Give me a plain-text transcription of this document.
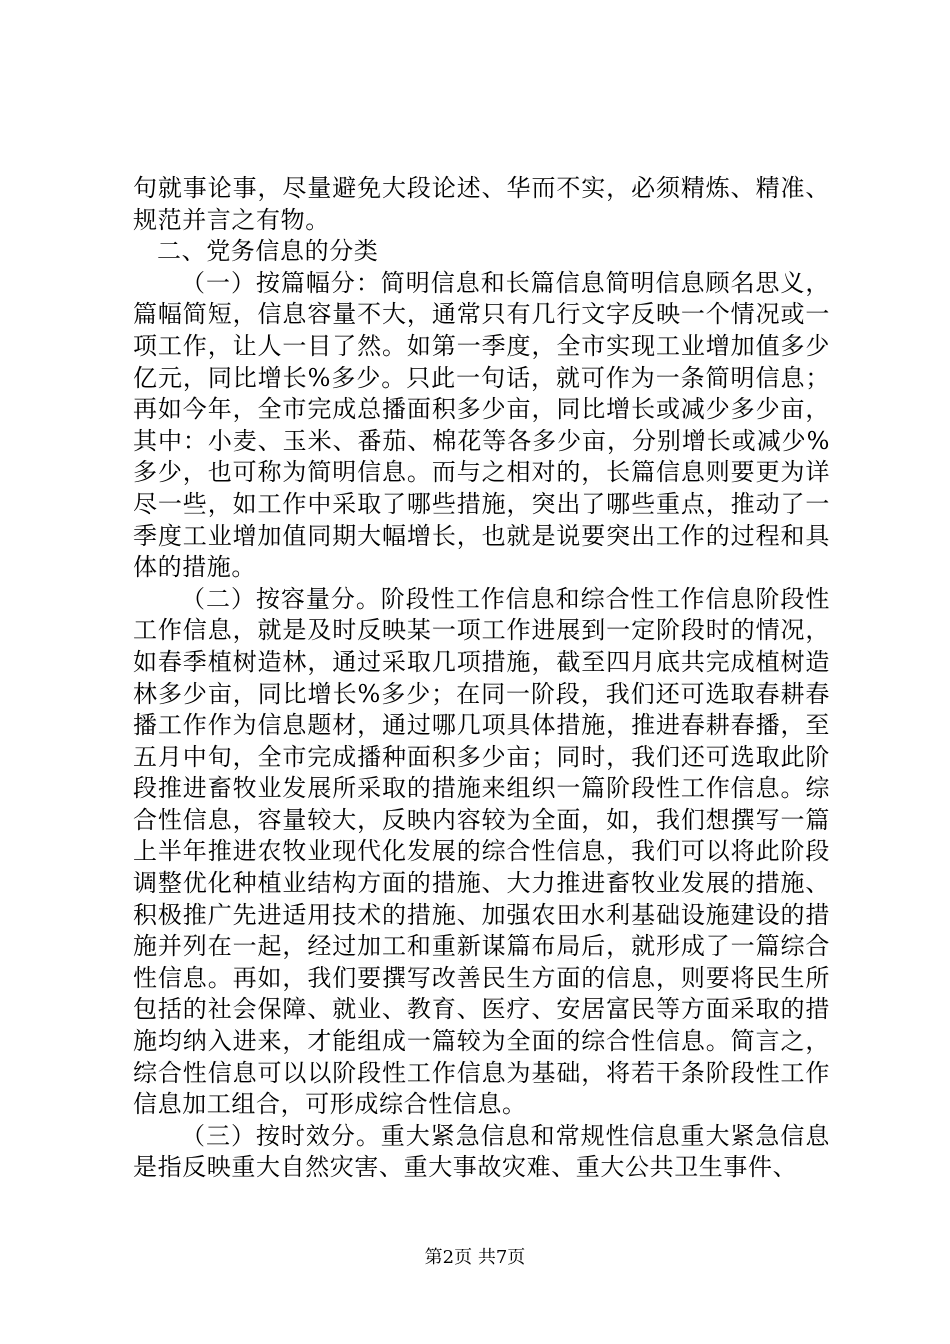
句就事论事，尽量避免大段论述、华而不实，必须精炼、精准、规范并言之有物。

二、党务信息的分类

（一）按篇幅分：简明信息和长篇信息简明信息顾名思义，篇幅简短，信息容量不大，通常只有几行文字反映一个情况或一项工作，让人一目了然。如第一季度，全市实现工业增加值多少亿元，同比增长%多少。只此一句话，就可作为一条简明信息；再如今年，全市完成总播面积多少亩，同比增长或减少多少亩，其中：小麦、玉米、番茄、棉花等各多少亩，分别增长或减少%多少，也可称为简明信息。而与之相对的，长篇信息则要更为详尽一些，如工作中采取了哪些措施，突出了哪些重点，推动了一季度工业增加值同期大幅增长，也就是说要突出工作的过程和具体的措施。

（二）按容量分。阶段性工作信息和综合性工作信息阶段性工作信息，就是及时反映某一项工作进展到一定阶段时的情况，如春季植树造林，通过采取几项措施，截至四月底共完成植树造林多少亩，同比增长%多少；在同一阶段，我们还可选取春耕春播工作作为信息题材，通过哪几项具体措施，推进春耕春播，至五月中旬，全市完成播种面积多少亩；同时，我们还可选取此阶段推进畜牧业发展所采取的措施来组织一篇阶段性工作信息。综合性信息，容量较大，反映内容较为全面，如，我们想撰写一篇上半年推进农牧业现代化发展的综合性信息，我们可以将此阶段调整优化种植业结构方面的措施、大力推进畜牧业发展的措施、积极推广先进适用技术的措施、加强农田水利基础设施建设的措施并列在一起，经过加工和重新谋篇布局后，就形成了一篇综合性信息。再如，我们要撰写改善民生方面的信息，则要将民生所包括的社会保障、就业、教育、医疗、安居富民等方面采取的措施均纳入进来，才能组成一篇较为全面的综合性信息。简言之，综合性信息可以以阶段性工作信息为基础，将若干条阶段性工作信息加工组合，可形成综合性信息。

（三）按时效分。重大紧急信息和常规性信息重大紧急信息是指反映重大自然灾害、重大事故灾难、重大公共卫生事件、

第2页 共7页
